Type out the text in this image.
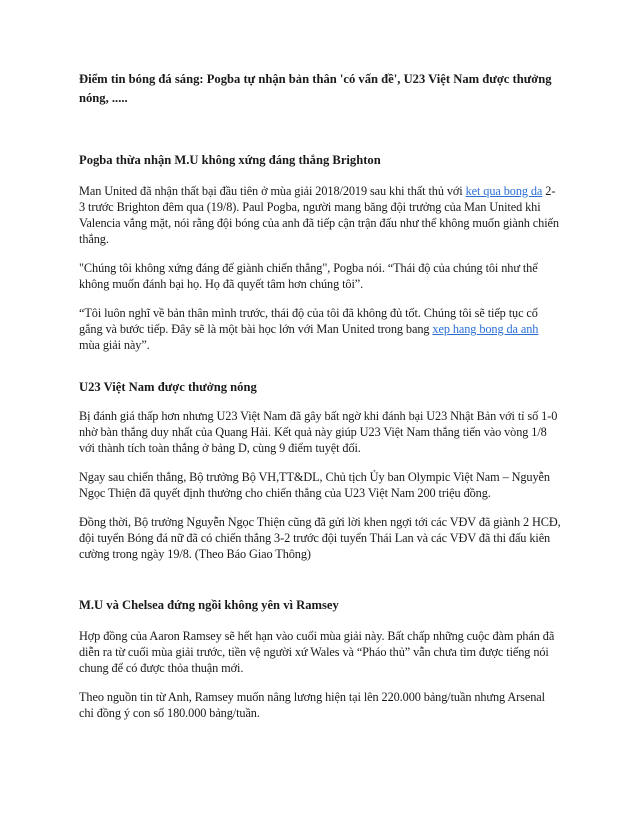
Điểm tin bóng đá sáng: Pogba tự nhận bản thân 'có vấn đề', U23 Việt Nam được thưởng nóng, .....

Pogba thừa nhận M.U không xứng đáng thắng Brighton

Man United đã nhận thất bại đầu tiên ở mùa giải 2018/2019 sau khi thất thủ với ket qua bong da 2-3 trước Brighton đêm qua (19/8). Paul Pogba, người mang băng đội trưởng của Man United khi Valencia vắng mặt, nói rằng đội bóng của anh đã tiếp cận trận đấu như thể không muốn giành chiến thắng.

"Chúng tôi không xứng đáng để giành chiến thắng", Pogba nói. “Thái độ của chúng tôi như thể không muốn đánh bại họ. Họ đã quyết tâm hơn chúng tôi”.

“Tôi luôn nghĩ về bản thân mình trước, thái độ của tôi đã không đủ tốt. Chúng tôi sẽ tiếp tục cố gắng và bước tiếp. Đây sẽ là một bài học lớn với Man United trong bang xep hang bong da anh mùa giải này”.

U23 Việt Nam được thưởng nóng

Bị đánh giá thấp hơn nhưng U23 Việt Nam đã gây bất ngờ khi đánh bại U23 Nhật Bản với tỉ số 1-0 nhờ bàn thắng duy nhất của Quang Hải. Kết quả này giúp U23 Việt Nam thắng tiến vào vòng 1/8 với thành tích toàn thắng ở bảng D, cùng 9 điểm tuyệt đối.

Ngay sau chiến thắng, Bộ trưởng Bộ VH,TT&DL, Chủ tịch Ủy ban Olympic Việt Nam – Nguyễn Ngọc Thiện đã quyết định thưởng cho chiến thắng của U23 Việt Nam 200 triệu đồng.

Đồng thời, Bộ trưởng Nguyễn Ngọc Thiện cũng đã gửi lời khen ngợi tới các VĐV đã giành 2 HCĐ, đội tuyển Bóng đá nữ đã có chiến thắng 3-2 trước đội tuyển Thái Lan và các VĐV đã thi đấu kiên cường trong ngày 19/8. (Theo Báo Giao Thông)

M.U và Chelsea đứng ngồi không yên vì Ramsey

Hợp đồng của Aaron Ramsey sẽ hết hạn vào cuối mùa giải này. Bất chấp những cuộc đàm phán đã diễn ra từ cuối mùa giải trước, tiền vệ người xứ Wales và “Pháo thủ” vẫn chưa tìm được tiếng nói chung để có được thỏa thuận mới.

Theo nguồn tin từ Anh, Ramsey muốn nâng lương hiện tại lên 220.000 bảng/tuần nhưng Arsenal chỉ đồng ý con số 180.000 bảng/tuần.
